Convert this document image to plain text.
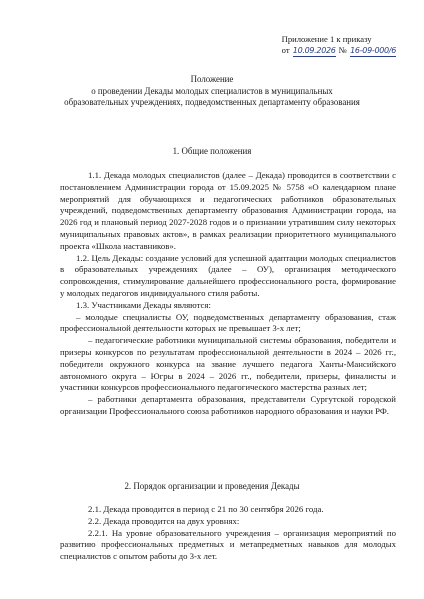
Приложение 1 к приказу
от 10.09.2026 № 16-09-000/6
Положение
о проведении Декады молодых специалистов в муниципальных
образовательных учреждениях, подведомственных департаменту образования
1. Общие положения

1.1. Декада молодых специалистов (далее – Декада) проводится в соответствии с постановлением Администрации города от 15.09.2025 № 5758 «О календарном плане мероприятий для обучающихся и педагогических работников образовательных учреждений, подведомственных департаменту образования Администрации города, на 2026 год и плановый период 2027-2028 годов и о признании утратившим силу некоторых муниципальных правовых актов», в рамках реализации приоритетного муниципального проекта «Школа наставников».

1.2. Цель Декады: создание условий для успешной адаптации молодых специалистов в образовательных учреждениях (далее – ОУ), организация методического сопровождения, стимулирование дальнейшего профессионального роста, формирование у молодых педагогов индивидуального стиля работы.

1.3. Участниками Декады являются:

– молодые специалисты ОУ, подведомственных департаменту образования, стаж профессиональной деятельности которых не превышает 3-х лет;

– педагогические работники муниципальной системы образования, победители и призеры конкурсов по результатам профессиональной деятельности в 2024 – 2026 гг., победители окружного конкурса на звание лучшего педагога Ханты-Мансийского автономного округа – Югры в 2024 – 2026 гг., победители, призеры, финалисты и участники конкурсов профессионального педагогического мастерства разных лет;

– работники департамента образования, представители Сургутской городской организации Профессионального союза работников народного образования и науки РФ.

2. Порядок организации и проведения Декады

2.1. Декада проводится в период с 21 по 30 сентября 2026 года.

2.2. Декада проводится на двух уровнях:

2.2.1. На уровне образовательного учреждения – организация мероприятий по развитию профессиональных предметных и метапредметных навыков для молодых специалистов с опытом работы до 3-х лет.
